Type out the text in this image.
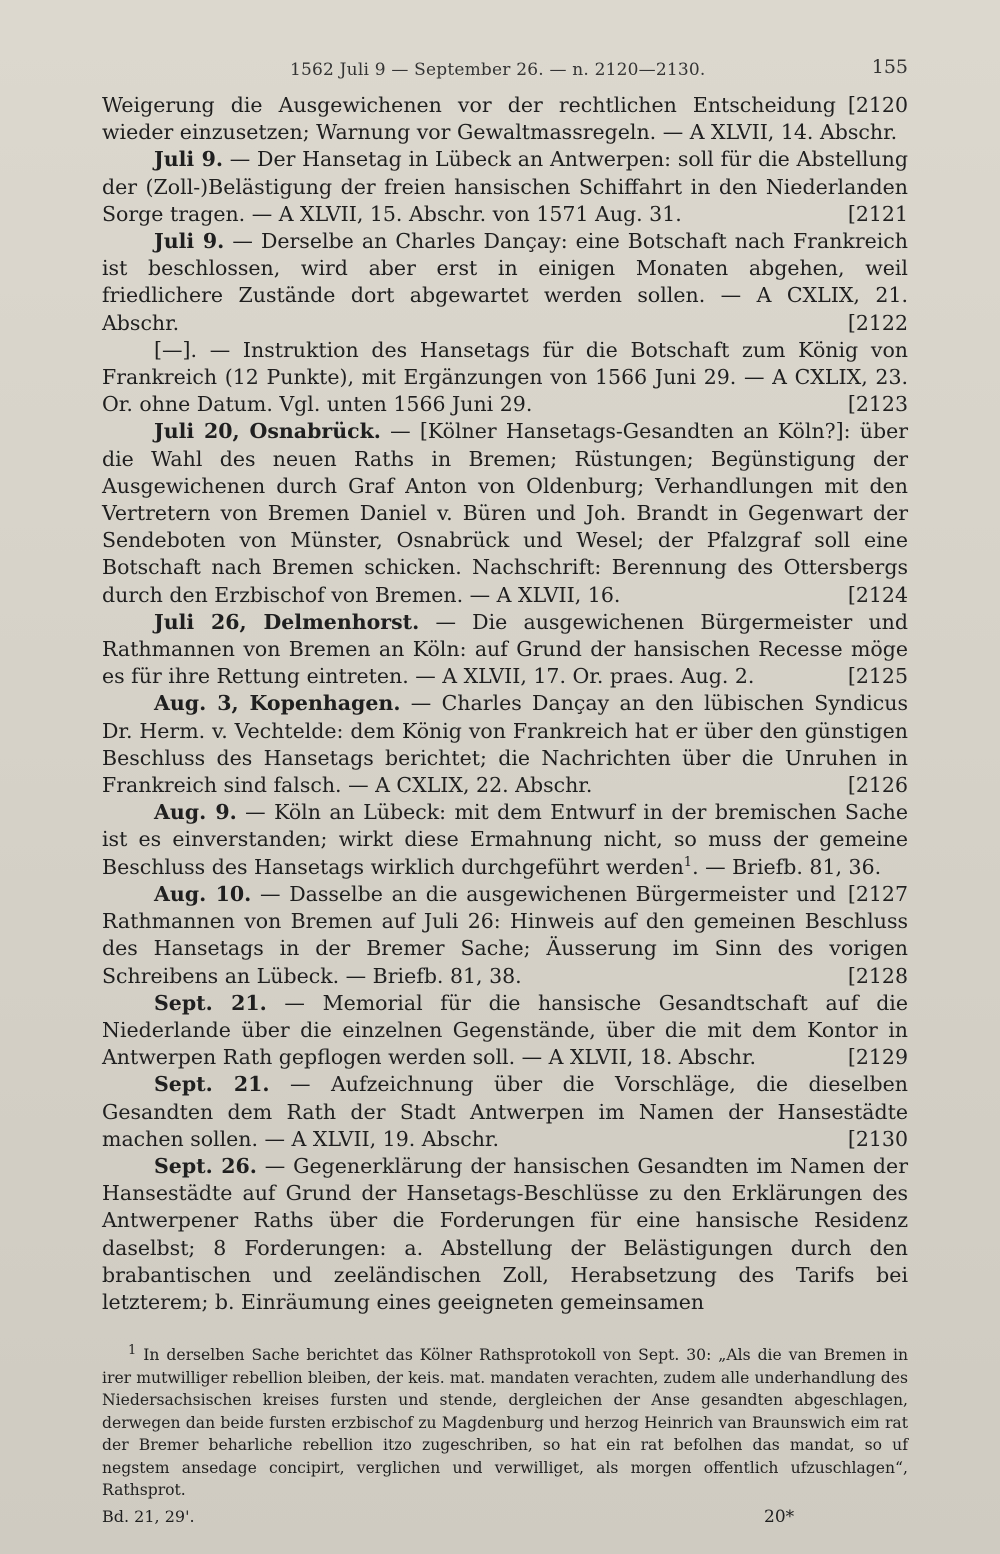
1562 Juli 9 — September 26. — n. 2120—2130.	155

[2120
Weigerung die Ausgewichenen vor der rechtlichen Entscheidung wieder einzusetzen; Warnung vor Gewaltmassregeln. — A XLVII, 14. Abschr.

Juli 9. — Der Hansetag in Lübeck an Antwerpen: soll für die Abstellung der (Zoll-)Belästigung der freien hansischen Schiffahrt in den Niederlanden Sorge tragen. — A XLVII, 15. Abschr. von 1571 Aug. 31.	[2121

Juli 9. — Derselbe an Charles Dançay: eine Botschaft nach Frankreich ist beschlossen, wird aber erst in einigen Monaten abgehen, weil friedlichere Zustände dort abgewartet werden sollen. — A CXLIX, 21. Abschr.	[2122

[—]. — Instruktion des Hansetags für die Botschaft zum König von Frankreich (12 Punkte), mit Ergänzungen von 1566 Juni 29. — A CXLIX, 23. Or. ohne Datum. Vgl. unten 1566 Juni 29.	[2123

Juli 20, Osnabrück. — [Kölner Hansetags-Gesandten an Köln?]: über die Wahl des neuen Raths in Bremen; Rüstungen; Begünstigung der Ausgewichenen durch Graf Anton von Oldenburg; Verhandlungen mit den Vertretern von Bremen Daniel v. Büren und Joh. Brandt in Gegenwart der Sendeboten von Münster, Osnabrück und Wesel; der Pfalzgraf soll eine Botschaft nach Bremen schicken. Nachschrift: Berennung des Ottersbergs durch den Erzbischof von Bremen. — A XLVII, 16.	[2124

Juli 26, Delmenhorst. — Die ausgewichenen Bürgermeister und Rathmannen von Bremen an Köln: auf Grund der hansischen Recesse möge es für ihre Rettung eintreten. — A XLVII, 17. Or. praes. Aug. 2.	[2125

Aug. 3, Kopenhagen. — Charles Dançay an den lübischen Syndicus Dr. Herm. v. Vechtelde: dem König von Frankreich hat er über den günstigen Beschluss des Hansetags berichtet; die Nachrichten über die Unruhen in Frankreich sind falsch. — A CXLIX, 22. Abschr.	[2126

Aug. 9. — Köln an Lübeck: mit dem Entwurf in der bremischen Sache ist es einverstanden; wirkt diese Ermahnung nicht, so muss der gemeine Beschluss des Hansetags wirklich durchgeführt werden$^1$. — Briefb. 81, 36.
[2127

Aug. 10. — Dasselbe an die ausgewichenen Bürgermeister und Rathmannen von Bremen auf Juli 26: Hinweis auf den gemeinen Beschluss des Hansetags in der Bremer Sache; Äusserung im Sinn des vorigen Schreibens an Lübeck. — Briefb. 81, 38.	[2128

Sept. 21. — Memorial für die hansische Gesandtschaft auf die Niederlande über die einzelnen Gegenstände, über die mit dem Kontor in Antwerpen Rath gepflogen werden soll. — A XLVII, 18. Abschr.	[2129

Sept. 21. — Aufzeichnung über die Vorschläge, die dieselben Gesandten dem Rath der Stadt Antwerpen im Namen der Hansestädte machen sollen. — A XLVII, 19. Abschr.	[2130

Sept. 26. — Gegenerklärung der hansischen Gesandten im Namen der Hansestädte auf Grund der Hansetags-Beschlüsse zu den Erklärungen des Antwerpener Raths über die Forderungen für eine hansische Residenz daselbst; 8 Forderungen: a. Abstellung der Belästigungen durch den brabantischen und zeeländischen Zoll, Herabsetzung des Tarifs bei letzterem; b. Einräumung eines geeigneten gemeinsamen

$^1$ In derselben Sache berichtet das Kölner Rathsprotokoll von Sept. 30: „Als die van Bremen in irer mutwilliger rebellion bleiben, der keis. mat. mandaten verachten, zudem alle underhandlung des Niedersachsischen kreises fursten und stende, dergleichen der Anse gesandten abgeschlagen, derwegen dan beide fursten erzbischof zu Magdenburg und herzog Heinrich van Braunswich eim rat der Bremer beharliche rebellion itzo zugeschriben, so hat ein rat befolhen das mandat, so uf negstem ansedage concipirt, verglichen und verwilliget, als morgen offentlich ufzuschlagen“, Rathsprot.

Bd. 21, 29'.	20*
